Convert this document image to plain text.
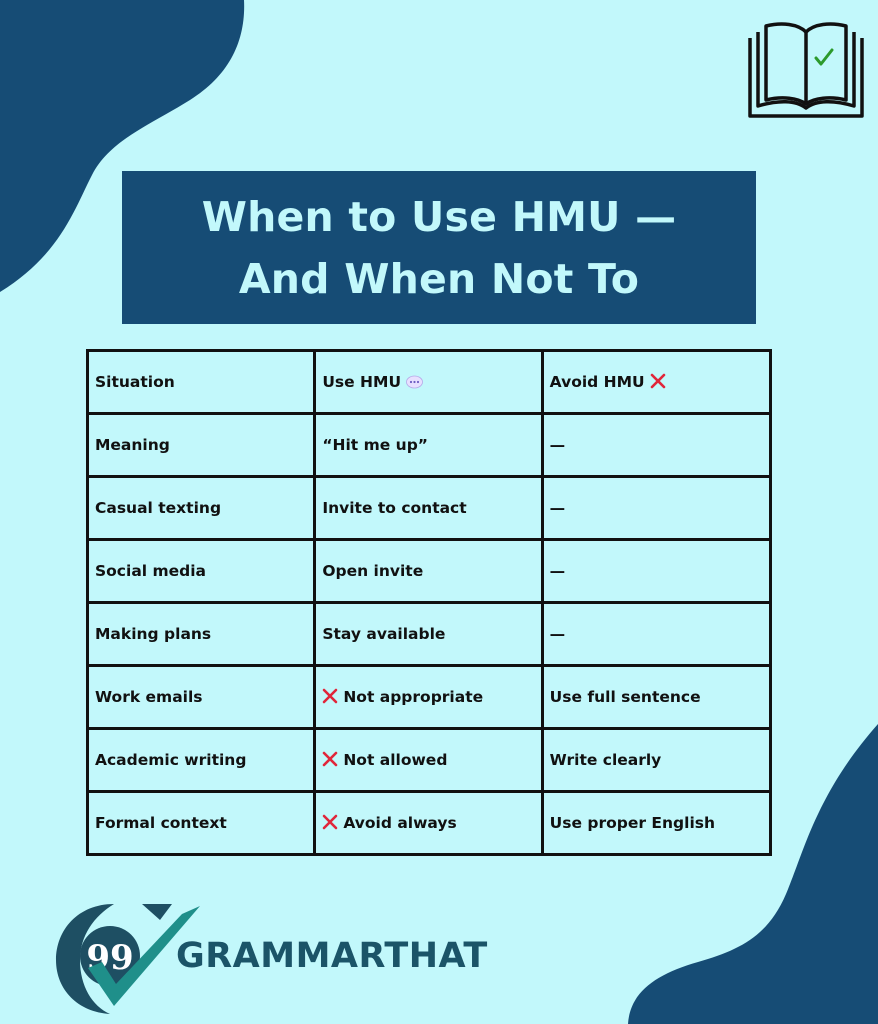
When to Use HMU — And When Not To
Situation	Use HMU	Avoid HMU
Meaning	“Hit me up”	—
Casual texting	Invite to contact	—
Social media	Open invite	—
Making plans	Stay available	—
Work emails	Not appropriate	Use full sentence
Academic writing	Not allowed	Write clearly
Formal context	Avoid always	Use proper English
99 GRAMMARTHAT
